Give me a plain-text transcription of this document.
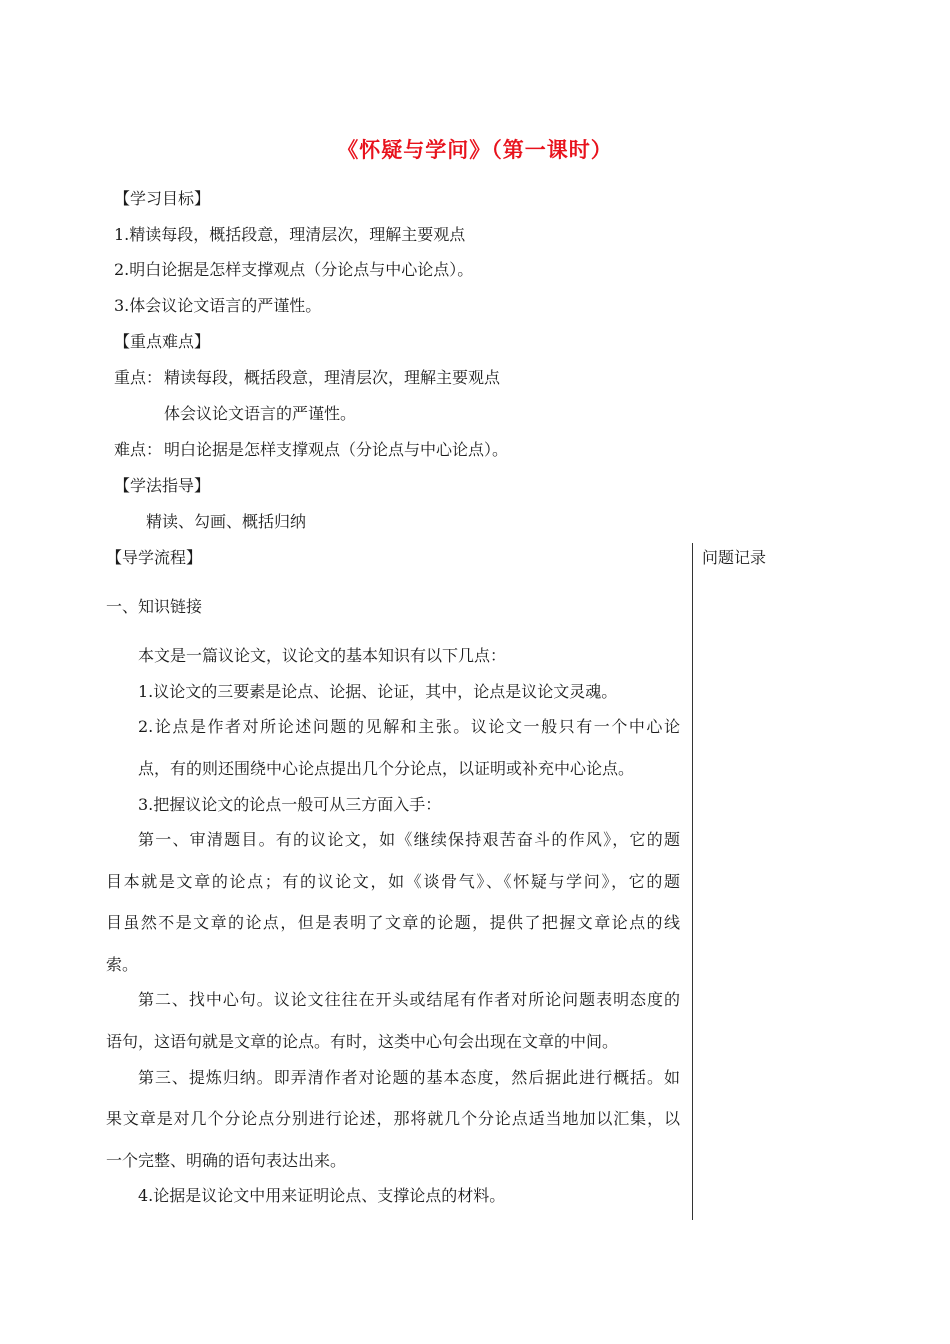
《怀疑与学问》（第一课时）
【学习目标】
1.精读每段，概括段意，理清层次，理解主要观点
2.明白论据是怎样支撑观点（分论点与中心论点）。
3.体会议论文语言的严谨性。
【重点难点】
重点： 精读每段，概括段意，理清层次，理解主要观点
体会议论文语言的严谨性。
难点： 明白论据是怎样支撑观点（分论点与中心论点）。
【学法指导】
精读、勾画、概括归纳
【导学流程】	问题记录
一、知识链接
本文是一篇议论文，议论文的基本知识有以下几点：
1.议论文的三要素是论点、论据、论证，其中，论点是议论文灵魂。
2.论点是作者对所论述问题的见解和主张。议论文一般只有一个中心论
点，有的则还围绕中心论点提出几个分论点，以证明或补充中心论点。
3.把握议论文的论点一般可从三方面入手：
第一、审清题目。有的议论文，如《继续保持艰苦奋斗的作风》，它的题
目本就是文章的论点；有的议论文，如《谈骨气》、《怀疑与学问》，它的题
目虽然不是文章的论点，但是表明了文章的论题，提供了把握文章论点的线
索。
第二、找中心句。议论文往往在开头或结尾有作者对所论问题表明态度的
语句，这语句就是文章的论点。有时，这类中心句会出现在文章的中间。
第三、提炼归纳。即弄清作者对论题的基本态度，然后据此进行概括。如
果文章是对几个分论点分别进行论述，那将就几个分论点适当地加以汇集，以
一个完整、明确的语句表达出来。
4.论据是议论文中用来证明论点、支撑论点的材料。
